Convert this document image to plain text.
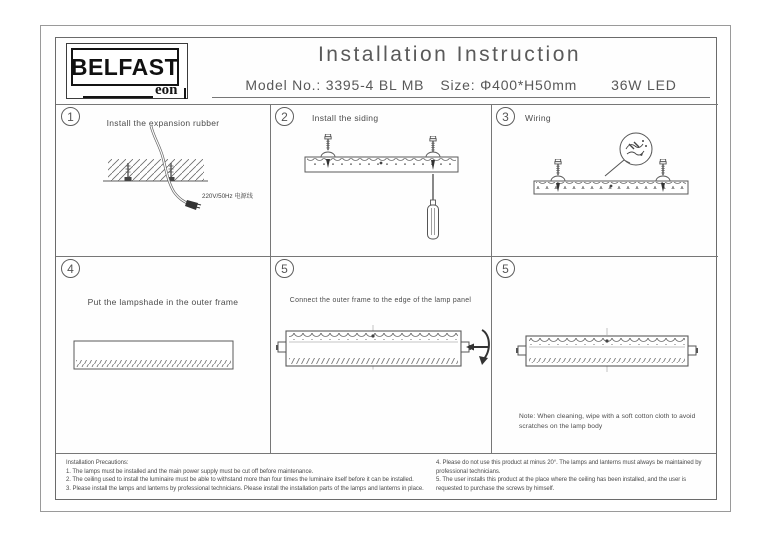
BELFAST
eon
Installation Instruction
Model No.: 3395-4 BL MB Size: Φ400*H50mm 36W LED
1	Install the expansion rubber
220V/50Hz 电源线
2	Install the siding	3	Wiring
4
Put the lampshade in the outer frame
5
Connect the outer frame to the edge of the lamp panel
5
Note: When cleaning, wipe with a soft cotton cloth to avoid scratches on the lamp body
Installation Precautions:
1. The lamps must be installed and the main power supply must be cut off before maintenance.
2. The ceiling used to install the luminaire must be able to withstand more than four times the luminaire itself before it can be installed.
3. Please install the lamps and lanterns by professional technicians. Please install the installation parts of the lamps and lanterns in place.
4. Please do not use this product at minus 20°. The lamps and lanterns must always be maintained by professional technicians.
5. The user installs this product at the place where the ceiling has been installed, and the user is requested to purchase the screws by himself.
